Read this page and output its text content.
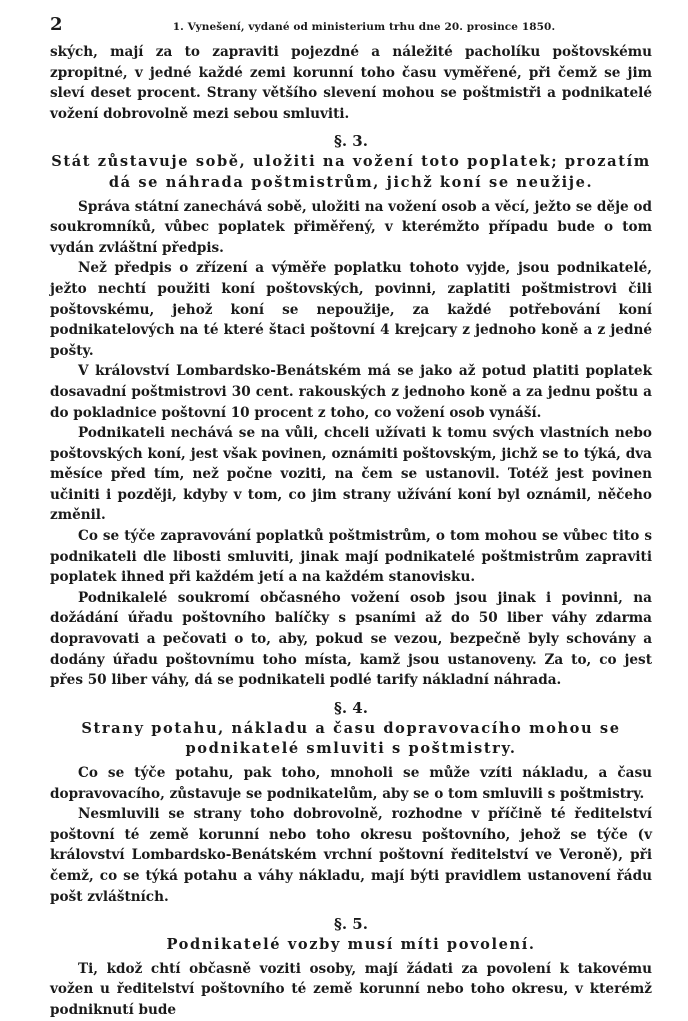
2	1. Vynešení, vydané od ministerium trhu dne 20. prosince 1850.

ských, mají za to zapraviti pojezdné a náležité pacholíku poštovskému zpropitné, v jedné každé zemi korunní toho času vyměřené, při čemž se jim sleví deset procent. Strany většího slevení mohou se poštmistři a podnikatelé vožení dobrovolně mezi sebou smluviti.

§. 3.
Stát zůstavuje sobě, uložiti na vožení toto poplatek; prozatím dá se náhrada poštmistrům, jichž koní se neužije.

Správa státní zanechává sobě, uložiti na vožení osob a věcí, ježto se děje od soukromníků, vůbec poplatek přiměřený, v kterémžto případu bude o tom vydán zvláštní předpis.

Než předpis o zřízení a výměře poplatku tohoto vyjde, jsou podnikatelé, ježto nechtí použiti koní poštovských, povinni, zaplatiti poštmistrovi čili poštovskému, jehož koní se nepoužije, za každé potřebování koní podnikatelových na té které štaci poštovní 4 krejcary z jednoho koně a z jedné pošty.

V království Lombardsko-Benátském má se jako až potud platiti poplatek dosavadní poštmistrovi 30 cent. rakouských z jednoho koně a za jednu poštu a do pokladnice poštovní 10 procent z toho, co vožení osob vynáší.

Podnikateli nechává se na vůli, chceli užívati k tomu svých vlastních nebo poštovských koní, jest však povinen, oznámiti poštovským, jichž se to týká, dva měsíce před tím, než počne voziti, na čem se ustanovil. Totéž jest povinen učiniti i později, kdyby v tom, co jim strany užívání koní byl oznámil, něčeho změnil.

Co se týče zapravování poplatků poštmistrům, o tom mohou se vůbec tito s podnikateli dle libosti smluviti, jinak mají podnikatelé poštmistrům zapraviti poplatek ihned při každém jetí a na každém stanovisku.

Podnikalelé soukromí občasného vožení osob jsou jinak i povinni, na dožádání úřadu poštovního balíčky s psaními až do 50 liber váhy zdarma dopravovati a pečovati o to, aby, pokud se vezou, bezpečně byly schovány a dodány úřadu poštovnímu toho místa, kamž jsou ustanoveny. Za to, co jest přes 50 liber váhy, dá se podnikateli podlé tarify nákladní náhrada.

§. 4.
Strany potahu, nákladu a času dopravovacího mohou se podnikatelé smluviti s poštmistry.

Co se týče potahu, pak toho, mnoholi se může vzíti nákladu, a času dopravovacího, zůstavuje se podnikatelům, aby se o tom smluvili s poštmistry.

Nesmluvili se strany toho dobrovolně, rozhodne v příčině té ředitelství poštovní té země korunní nebo toho okresu poštovního, jehož se týče (v království Lombardsko-Benátském vrchní poštovní ředitelství ve Veroně), při čemž, co se týká potahu a váhy nákladu, mají býti pravidlem ustanovení řádu pošt zvláštních.

§. 5.
Podnikatelé vozby musí míti povolení.

Ti, kdož chtí občasně voziti osoby, mají žádati za povolení k takovému vožen u ředitelství poštovního té země korunní nebo toho okresu, v kterémž podniknutí bude
